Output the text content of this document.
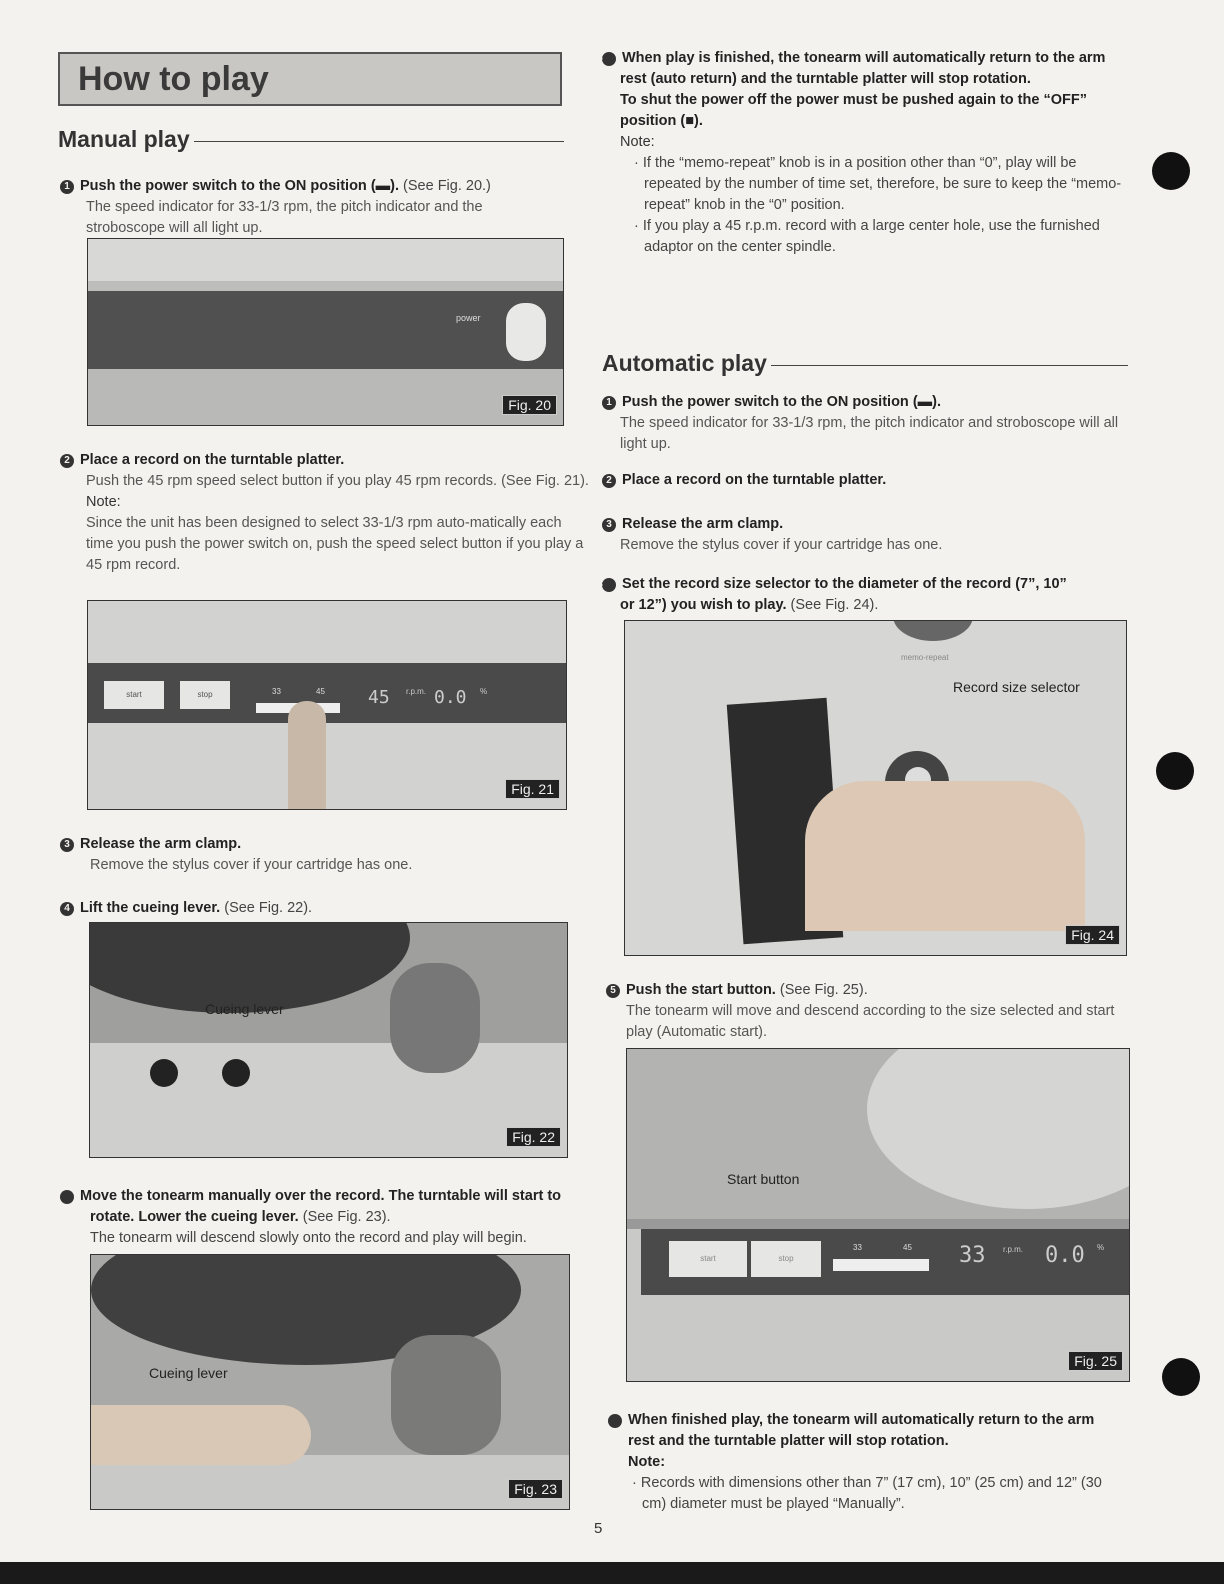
How to play
Manual play
1 Push the power switch to the ON position (▬). (See Fig. 20.)
The speed indicator for 33-1/3 rpm, the pitch indicator and the stroboscope will all light up.
power
Fig. 20
2 Place a record on the turntable platter.
Push the 45 rpm speed select button if you play 45 rpm records. (See Fig. 21).
Note:
Since the unit has been designed to select 33-1/3 rpm auto-matically each time you push the power switch on, push the speed select button if you play a 45 rpm record.
start	stop	33	45 45 r.p.m. 0.0 %
Fig. 21
3 Release the arm clamp.
Remove the stylus cover if your cartridge has one.
4 Lift the cueing lever. (See Fig. 22).
Cueing lever
Fig. 22
5 Move the tonearm manually over the record. The turntable will start to rotate. Lower the cueing lever. (See Fig. 23).
The tonearm will descend slowly onto the record and play will begin.
Cueing lever
Fig. 23
6 When play is finished, the tonearm will automatically return to the arm rest (auto return) and the turntable platter will stop rotation.
To shut the power off the power must be pushed again to the “OFF” position (■).
Note:
· If the “memo-repeat” knob is in a position other than “0”, play will be repeated by the number of time set, therefore, be sure to keep the “memo-repeat” knob in the “0” position.
· If you play a 45 r.p.m. record with a large center hole, use the furnished adaptor on the center spindle.
Automatic play
1 Push the power switch to the ON position (▬).
The speed indicator for 33-1/3 rpm, the pitch indicator and stroboscope will all light up.
2 Place a record on the turntable platter.
3 Release the arm clamp.
Remove the stylus cover if your cartridge has one.
4 Set the record size selector to the diameter of the record (7”, 10” or 12”) you wish to play. (See Fig. 24).
memo-repeat
Record size selector
Fig. 24
5 Push the start button. (See Fig. 25).
The tonearm will move and descend according to the size selected and start play (Automatic start).
start	stop
33	45 33 r.p.m. 0.0 %
Start button
Fig. 25
6 When finished play, the tonearm will automatically return to the arm rest and the turntable platter will stop rotation.
Note:
· Records with dimensions other than 7” (17 cm), 10” (25 cm) and 12” (30 cm) diameter must be played “Manually”.
5
